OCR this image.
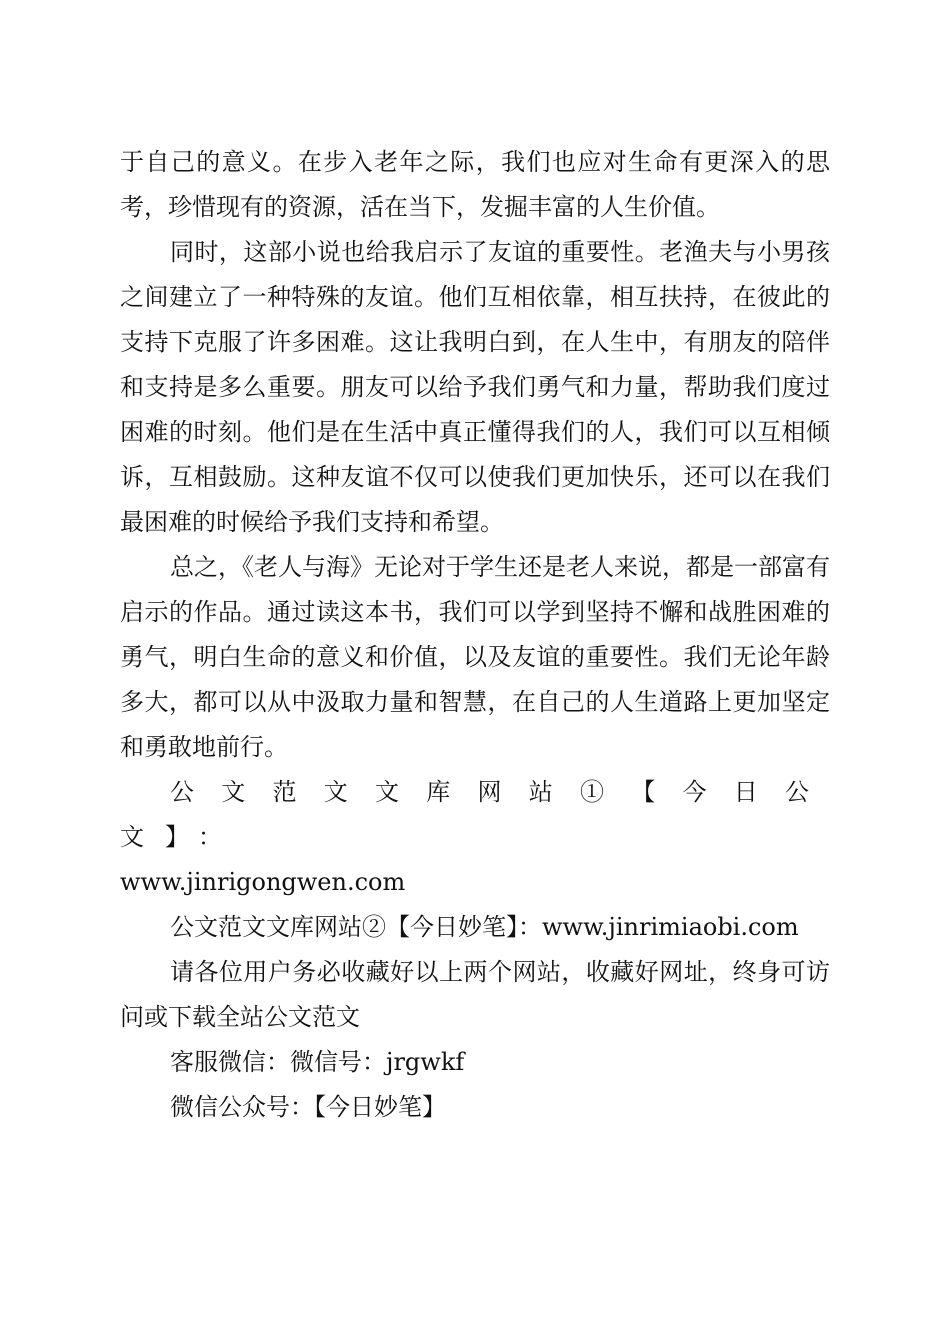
于自己的意义。在步入老年之际，我们也应对生命有更深入的思考，珍惜现有的资源，活在当下，发掘丰富的人生价值。

同时，这部小说也给我启示了友谊的重要性。老渔夫与小男孩之间建立了一种特殊的友谊。他们互相依靠，相互扶持，在彼此的支持下克服了许多困难。这让我明白到，在人生中，有朋友的陪伴和支持是多么重要。朋友可以给予我们勇气和力量，帮助我们度过困难的时刻。他们是在生活中真正懂得我们的人，我们可以互相倾诉，互相鼓励。这种友谊不仅可以使我们更加快乐，还可以在我们最困难的时候给予我们支持和希望。

总之，《老人与海》无论对于学生还是老人来说，都是一部富有启示的作品。通过读这本书，我们可以学到坚持不懈和战胜困难的勇气，明白生命的意义和价值，以及友谊的重要性。我们无论年龄多大，都可以从中汲取力量和智慧，在自己的人生道路上更加坚定和勇敢地前行。

公文范文文库网站①【今日公文】：

www.jinrigongwen.com

公文范文文库网站②【今日妙笔】：www.jinrimiaobi.com

请各位用户务必收藏好以上两个网站，收藏好网址，终身可访问或下载全站公文范文

客服微信：微信号：jrgwkf

微信公众号：【今日妙笔】
